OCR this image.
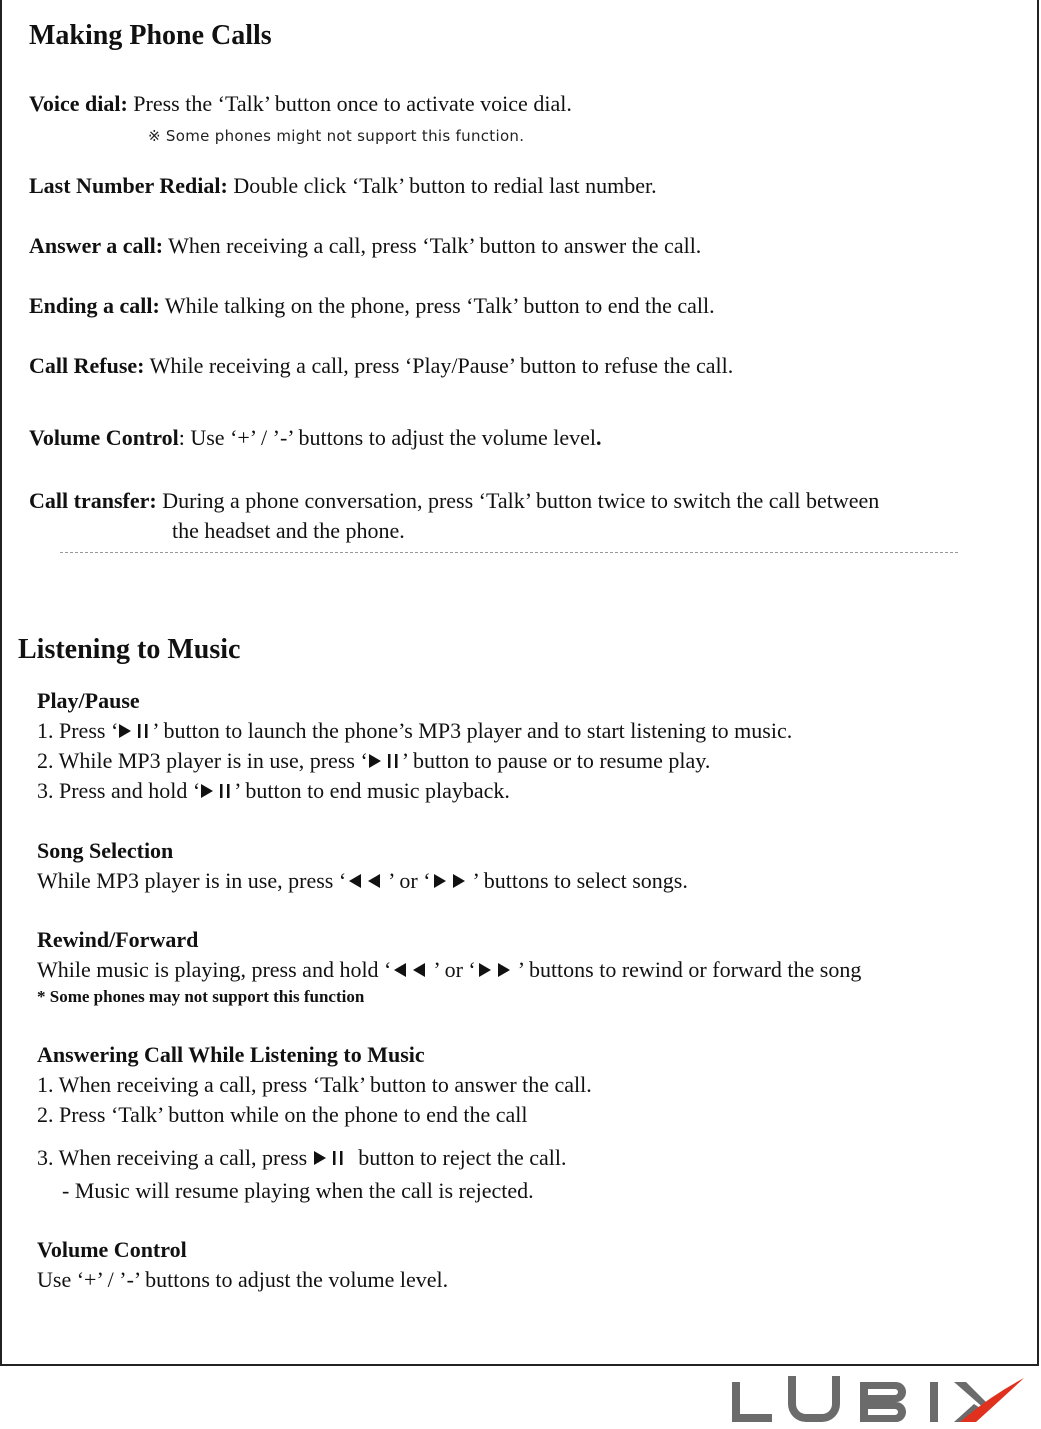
Making Phone Calls
Voice dial: Press the ‘Talk’ button once to activate voice dial.
※ Some phones might not support this function.
Last Number Redial: Double click ‘Talk’ button to redial last number.
Answer a call: When receiving a call, press ‘Talk’ button to answer the call.
Ending a call: While talking on the phone, press ‘Talk’ button to end the call.
Call Refuse: While receiving a call, press ‘Play/Pause’ button to refuse the call.
Volume Control: Use ‘+’ / ’-’ buttons to adjust the volume level.
Call transfer: During a phone conversation, press ‘Talk’ button twice to switch the call between
the headset and the phone.
Listening to Music
Play/Pause
1. Press ‘ ’ button to launch the phone’s MP3 player and to start listening to music.
2. While MP3 player is in use, press ‘ ’ button to pause or to resume play.
3. Press and hold ‘ ’ button to end music playback.
Song Selection
While MP3 player is in use, press ‘ ’ or ‘ ’ buttons to select songs.
Rewind/Forward
While music is playing, press and hold ‘ ’ or ‘ ’ buttons to rewind or forward the song
* Some phones may not support this function
Answering Call While Listening to Music
1. When receiving a call, press ‘Talk’ button to answer the call.
2. Press ‘Talk’ button while on the phone to end the call
3. When receiving a call, press  button to reject the call.
- Music will resume playing when the call is rejected.
Volume Control
Use ‘+’ / ’-’ buttons to adjust the volume level.
